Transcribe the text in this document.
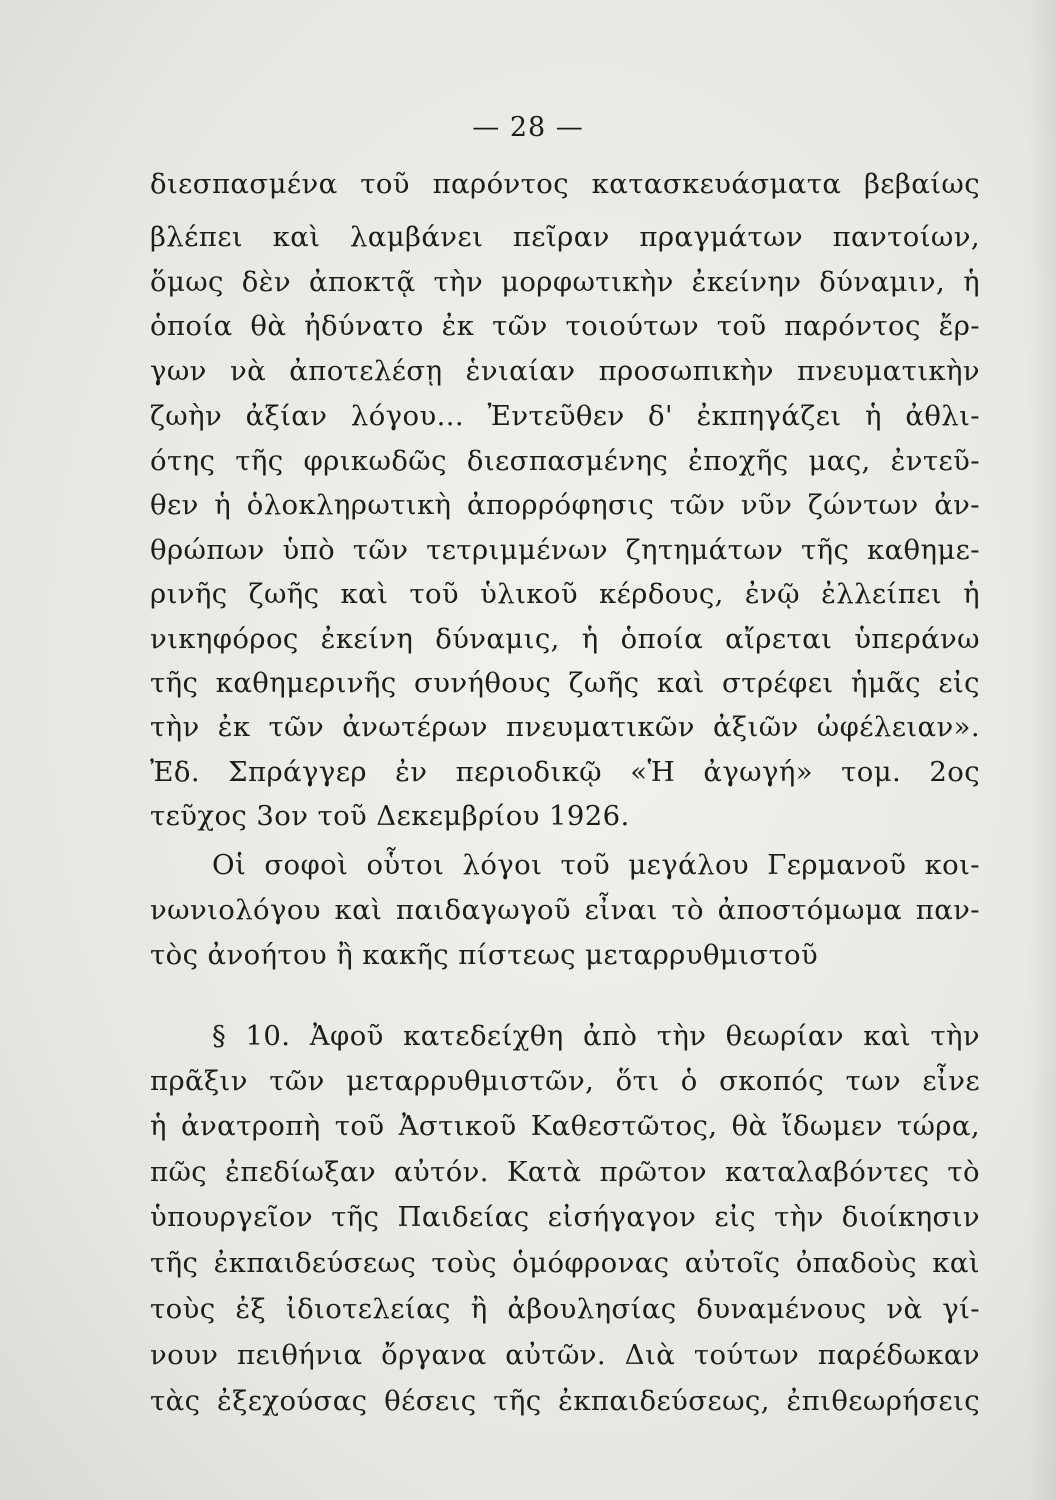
— 28 —
διεσπασμένα τοῦ παρόντος κατασκευάσματα βεβαίως
βλέπει καὶ λαμβάνει πεῖραν πραγμάτων παντοίων,
ὅμως δὲν ἀποκτᾷ τὴν μορφωτικὴν ἐκείνην δύναμιν, ἡ
ὁποία θὰ ἠδύνατο ἐκ τῶν τοιούτων τοῦ παρόντος ἔρ-
γων νὰ ἀποτελέσῃ ἑνιαίαν προσωπικὴν πνευματικὴν
ζωὴν ἀξίαν λόγου... Ἐντεῦθεν δ' ἐκπηγάζει ἡ ἀθλι-
ότης τῆς φρικωδῶς διεσπασμένης ἐποχῆς μας, ἐντεῦ-
θεν ἡ ὁλοκληρωτικὴ ἀπορρόφησις τῶν νῦν ζώντων ἀν-
θρώπων ὑπὸ τῶν τετριμμένων ζητημάτων τῆς καθημε-
ρινῆς ζωῆς καὶ τοῦ ὑλικοῦ κέρδους, ἐνῷ ἐλλείπει ἡ
νικηφόρος ἐκείνη δύναμις, ἡ ὁποία αἴρεται ὑπεράνω
τῆς καθημερινῆς συνήθους ζωῆς καὶ στρέφει ἡμᾶς εἰς
τὴν ἐκ τῶν ἀνωτέρων πνευματικῶν ἀξιῶν ὠφέλειαν».
Ἐδ. Σπράγγερ ἐν περιοδικῷ «Ἡ ἀγωγή» τομ. 2ος
τεῦχος 3ον τοῦ Δεκεμβρίου 1926.
Οἱ σοφοὶ οὗτοι λόγοι τοῦ μεγάλου Γερμανοῦ κοι-
νωνιολόγου καὶ παιδαγωγοῦ εἶναι τὸ ἀποστόμωμα παν-
τὸς ἀνοήτου ἢ κακῆς πίστεως μεταρρυθμιστοῦ
§ 10. Ἀφοῦ κατεδείχθη ἀπὸ τὴν θεωρίαν καὶ τὴν
πρᾶξιν τῶν μεταρρυθμιστῶν, ὅτι ὁ σκοπός των εἶνε
ἡ ἀνατροπὴ τοῦ Ἀστικοῦ Καθεστῶτος, θὰ ἴδωμεν τώρα,
πῶς ἐπεδίωξαν αὐτόν. Κατὰ πρῶτον καταλαβόντες τὸ
ὑπουργεῖον τῆς Παιδείας εἰσήγαγον εἰς τὴν διοίκησιν
τῆς ἐκπαιδεύσεως τοὺς ὁμόφρονας αὐτοῖς ὀπαδοὺς καὶ
τοὺς ἐξ ἰδιοτελείας ἢ ἀβουλησίας δυναμένους νὰ γί-
νουν πειθήνια ὄργανα αὐτῶν. Διὰ τούτων παρέδωκαν
τὰς ἐξεχούσας θέσεις τῆς ἐκπαιδεύσεως, ἐπιθεωρήσεις
